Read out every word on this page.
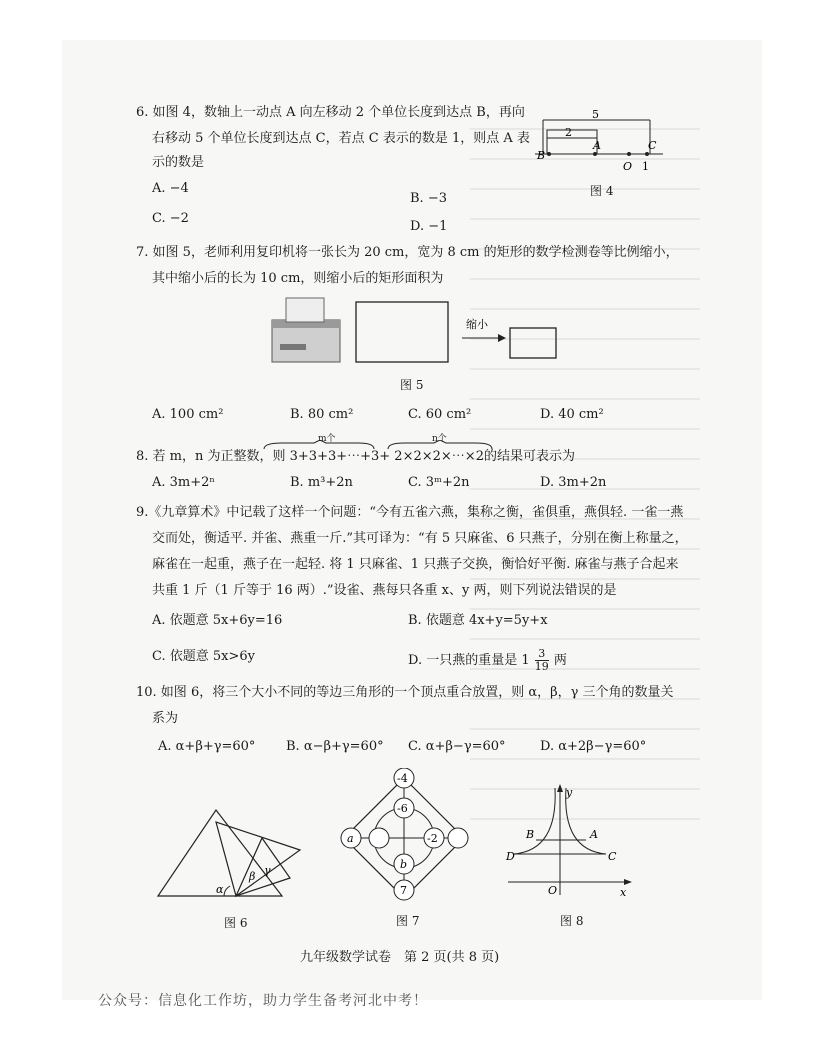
6. 如图 4，数轴上一动点 A 向左移动 2 个单位长度到达点 B，再向
右移动 5 个单位长度到达点 C，若点 C 表示的数是 1，则点 A 表
示的数是
A. −4
B. −3
C. −2
D. −1
5
2
B
A
O 1
C
图 4
7. 如图 5，老师利用复印机将一张长为 20 cm，宽为 8 cm 的矩形的数学检测卷等比例缩小，
其中缩小后的长为 10 cm，则缩小后的矩形面积为
缩小
图 5
A. 100 cm²	B. 80 cm²	C. 60 cm²	D. 40 cm²
m个	n个
8. 若 m，n 为正整数，则 3+3+3+⋯+3+ 2×2×2×⋯×2的结果可表示为
A. 3m+2ⁿ	B. m³+2n	C. 3ᵐ+2n	D. 3m+2n
9.《九章算术》中记载了这样一个问题：“今有五雀六燕，集称之衡，雀俱重，燕俱轻. 一雀一燕
交而处，衡适平. 并雀、燕重一斤.”其可译为：“有 5 只麻雀、6 只燕子，分别在衡上称量之，
麻雀在一起重，燕子在一起轻. 将 1 只麻雀、1 只燕子交换，衡恰好平衡. 麻雀与燕子合起来
共重 1 斤（1 斤等于 16 两）.”设雀、燕每只各重 x、y 两，则下列说法错误的是
A. 依题意 5x+6y=16	B. 依题意 4x+y=5y+x
C. 依题意 5x>6y	D. 一只燕的重量是 $1 \frac{3}{19}$ 两
10. 如图 6，将三个大小不同的等边三角形的一个顶点重合放置，则 α，β，γ 三个角的数量关
系为
A. α+β+γ=60° B. α−β+γ=60° C. α+β−γ=60°	D. α+2β−γ=60°
α
β γ
图 6
-4
-6
a	-2
b
7
图 7
y
x
O
B	A
D	C
图 8
九年级数学试卷　第 2 页(共 8 页)
公众号：信息化工作坊，助力学生备考河北中考！
